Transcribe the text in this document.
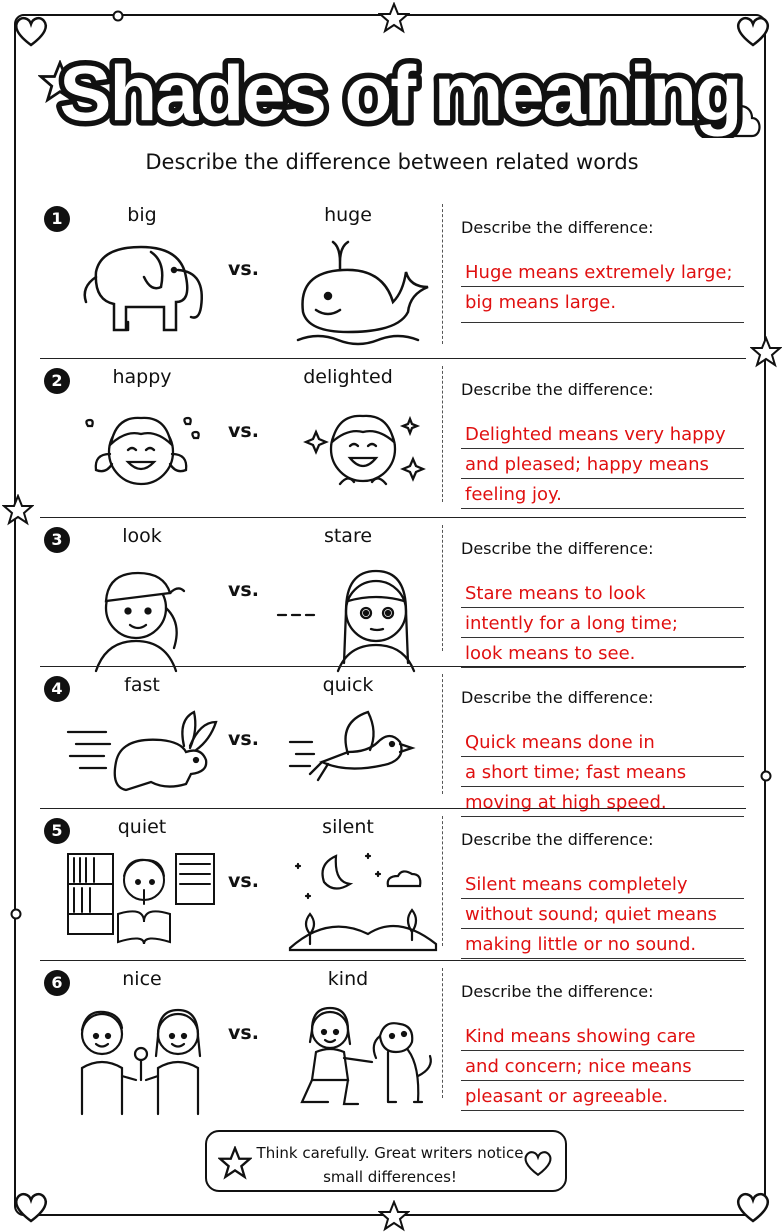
Shades of meaning
Describe the difference between related words
1	big	huge
vs.
Describe the difference:
Huge means extremely large;
big means large.
2	happy	delighted
vs.
Describe the difference:
Delighted means very happy
and pleased; happy means
feeling joy.
3	look	stare
vs.
Describe the difference:
Stare means to look
intently for a long time;
look means to see.
4	fast	quick
vs.
Describe the difference:
Quick means done in
a short time; fast means
moving at high speed.
5	quiet	silent
vs.
Describe the difference:
Silent means completely
without sound; quiet means
making little or no sound.
6	nice	kind
vs.
Describe the difference:
Kind means showing care
and concern; nice means
pleasant or agreeable.
Think carefully. Great writers notice
small differences!
